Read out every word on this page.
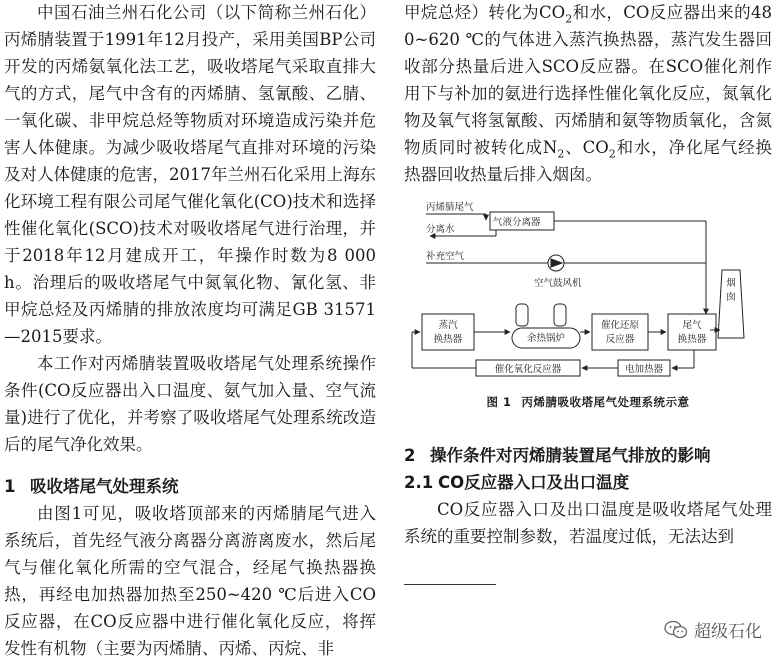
中国石油兰州石化公司（以下简称兰州石化）丙烯腈装置于1991年12月投产，采用美国BP公司开发的丙烯氨氧化法工艺，吸收塔尾气采取直排大气的方式，尾气中含有的丙烯腈、氢氰酸、乙腈、一氧化碳、非甲烷总烃等物质对环境造成污染并危害人体健康。为减少吸收塔尾气直排对环境的污染及对人体健康的危害，2017年兰州石化采用上海东化环境工程有限公司尾气催化氧化(CO)技术和选择性催化氧化(SCO)技术对吸收塔尾气进行治理，并于2018年12月建成开工，年操作时数为8 000 h。治理后的吸收塔尾气中氮氧化物、氰化氢、非甲烷总烃及丙烯腈的排放浓度均可满足GB 31571—2015要求。

本工作对丙烯腈装置吸收塔尾气处理系统操作条件(CO反应器出入口温度、氨气加入量、空气流量)进行了优化，并考察了吸收塔尾气处理系统改造后的尾气净化效果。

1 吸收塔尾气处理系统

由图1可见，吸收塔顶部来的丙烯腈尾气进入系统后，首先经气液分离器分离游离废水，然后尾气与催化氧化所需的空气混合，经尾气换热器换热，再经电加热器加热至250~420 ℃后进入CO反应器，在CO反应器中进行催化氧化反应，将挥发性有机物（主要为丙烯腈、丙烯、丙烷、非

甲烷总烃）转化为$CO_2$和水，CO反应器出来的480~620 ℃的气体进入蒸汽换热器，蒸汽发生器回收部分热量后进入SCO反应器。在SCO催化剂作用下与补加的氨进行选择性催化氧化反应，氮氧化物及氧气将氢氰酸、丙烯腈和氨等物质氧化，含氮物质同时被转化成$N_2$、$CO_2$和水，净化尾气经换热器回收热量后排入烟囱。

丙烯腈尾气
气液分离器
分离水
补充空气
空气鼓风机
蒸汽
换热器	余热锅炉
催化还原
反应器
尾气
换热器
催化氧化反应器	电加热器
烟
囱
图 1 丙烯腈吸收塔尾气处理系统示意
2 操作条件对丙烯腈装置尾气排放的影响
2.1 CO反应器入口及出口温度

CO反应器入口及出口温度是吸收塔尾气处理系统的重要控制参数，若温度过低，无法达到

超级石化
